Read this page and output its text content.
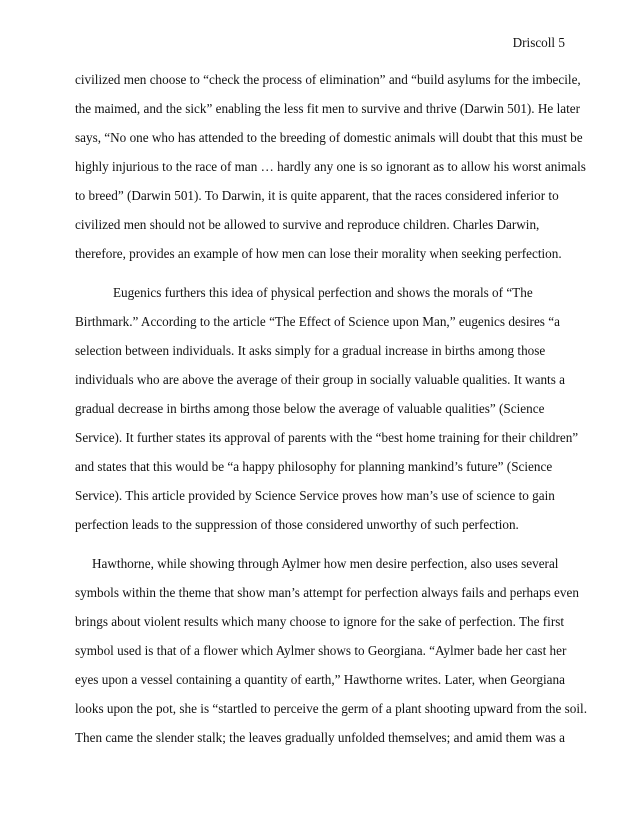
Driscoll 5
civilized men choose to “check the process of elimination” and “build asylums for the imbecile,
the maimed, and the sick” enabling the less fit men to survive and thrive (Darwin 501). He later
says, “No one who has attended to the breeding of domestic animals will doubt that this must be
highly injurious to the race of man … hardly any one is so ignorant as to allow his worst animals
to breed” (Darwin 501). To Darwin, it is quite apparent, that the races considered inferior to
civilized men should not be allowed to survive and reproduce children. Charles Darwin,
therefore, provides an example of how men can lose their morality when seeking perfection.
Eugenics furthers this idea of physical perfection and shows the morals of “The
Birthmark.” According to the article “The Effect of Science upon Man,” eugenics desires “a
selection between individuals. It asks simply for a gradual increase in births among those
individuals who are above the average of their group in socially valuable qualities. It wants a
gradual decrease in births among those below the average of valuable qualities” (Science
Service). It further states its approval of parents with the “best home training for their children”
and states that this would be “a happy philosophy for planning mankind’s future” (Science
Service). This article provided by Science Service proves how man’s use of science to gain
perfection leads to the suppression of those considered unworthy of such perfection.
Hawthorne, while showing through Aylmer how men desire perfection, also uses several
symbols within the theme that show man’s attempt for perfection always fails and perhaps even
brings about violent results which many choose to ignore for the sake of perfection. The first
symbol used is that of a flower which Aylmer shows to Georgiana. “Aylmer bade her cast her
eyes upon a vessel containing a quantity of earth,” Hawthorne writes. Later, when Georgiana
looks upon the pot, she is “startled to perceive the germ of a plant shooting upward from the soil.
Then came the slender stalk; the leaves gradually unfolded themselves; and amid them was a
